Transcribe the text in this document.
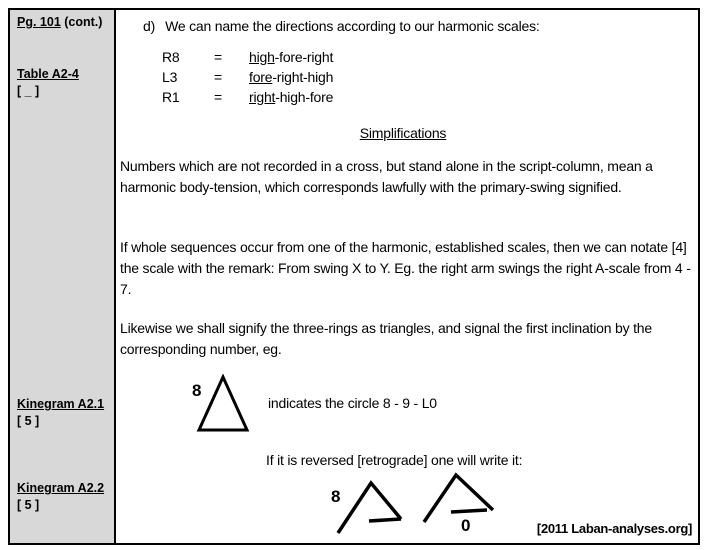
Pg. 101 (cont.)
Table A2-4
[ _ ]
Kinegram A2.1
[ 5 ]
Kinegram A2.2
[ 5 ]
d) We can name the directions according to our harmonic scales:
R8 = high-fore-right
L3	= fore-right-high
R1 = right-high-fore
Simplifications
Numbers which are not recorded in a cross, but stand alone in the script-column, mean a harmonic body-tension, which corresponds lawfully with the primary-swing signified.
If whole sequences occur from one of the harmonic, established scales, then we can notate [4] the scale with the remark: From swing X to Y. Eg. the right arm swings the right A-scale from 4 - 7.
Likewise we shall signify the three-rings as triangles, and signal the first inclination by the corresponding number, eg.
8
indicates the circle 8 - 9 - L0
If it is reversed [retrograde] one will write it:
8
0	[2011 Laban-analyses.org]
